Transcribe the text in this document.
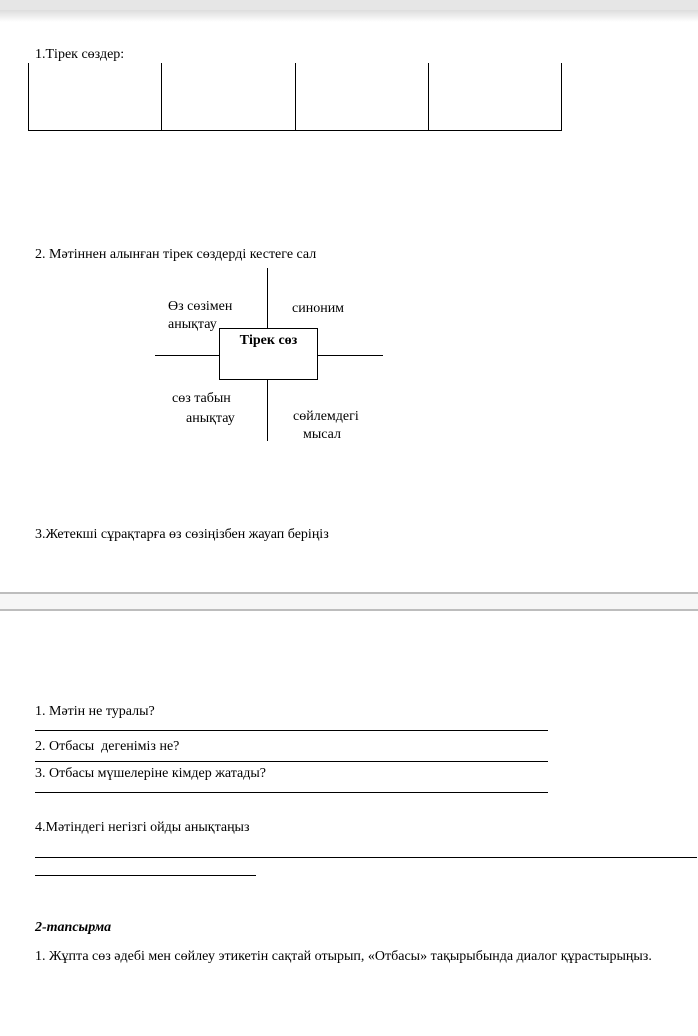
1.Тірек сөздер:
2. Мәтіннен алынған тірек сөздерді кестеге сал
Өз сөзімен
анықтау
синоним
Тірек сөз
сөз табын
анықтау	сөйлемдегі
мысал
3.Жетекші сұрақтарға өз сөзіңізбен жауап беріңіз
1. Мәтін не туралы?
2. Отбасы  дегеніміз не?
3. Отбасы мүшелеріне кімдер жатады?
4.Мәтіндегі негізгі ойды анықтаңыз
2-тапсырма
1. Жұпта сөз әдебі мен сөйлеу этикетін сақтай отырып, «Отбасы» тақырыбында диалог құрастырыңыз.
